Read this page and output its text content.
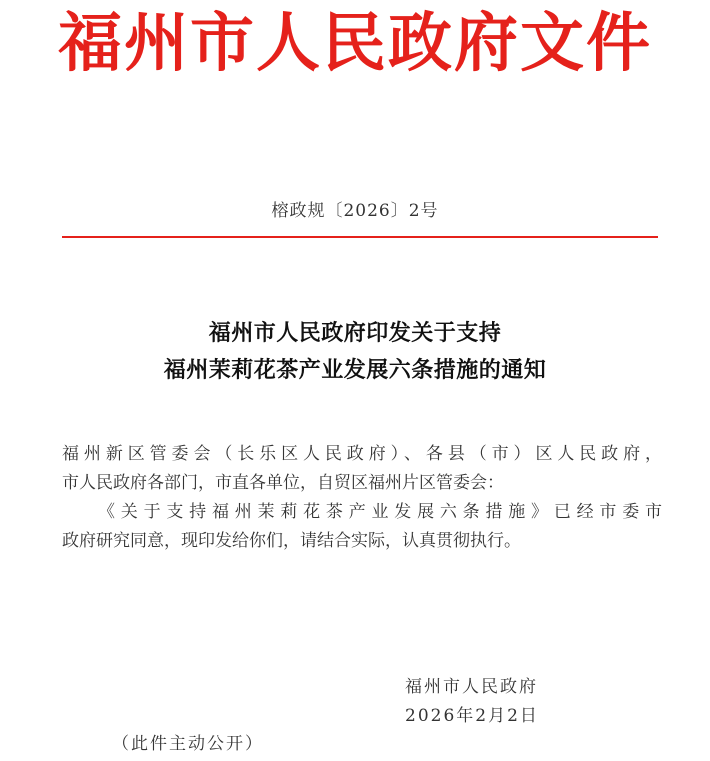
福州市人民政府文件
榕政规〔2026〕2号
福州市人民政府印发关于支持
福州茉莉花茶产业发展六条措施的通知
福州新区管委会（长乐区人民政府）、各县（市）区人民政府，
市人民政府各部门，市直各单位，自贸区福州片区管委会：
《关于支持福州茉莉花茶产业发展六条措施》已经市委市
政府研究同意，现印发给你们，请结合实际，认真贯彻执行。
福州市人民政府
2026年2月2日
（此件主动公开）
